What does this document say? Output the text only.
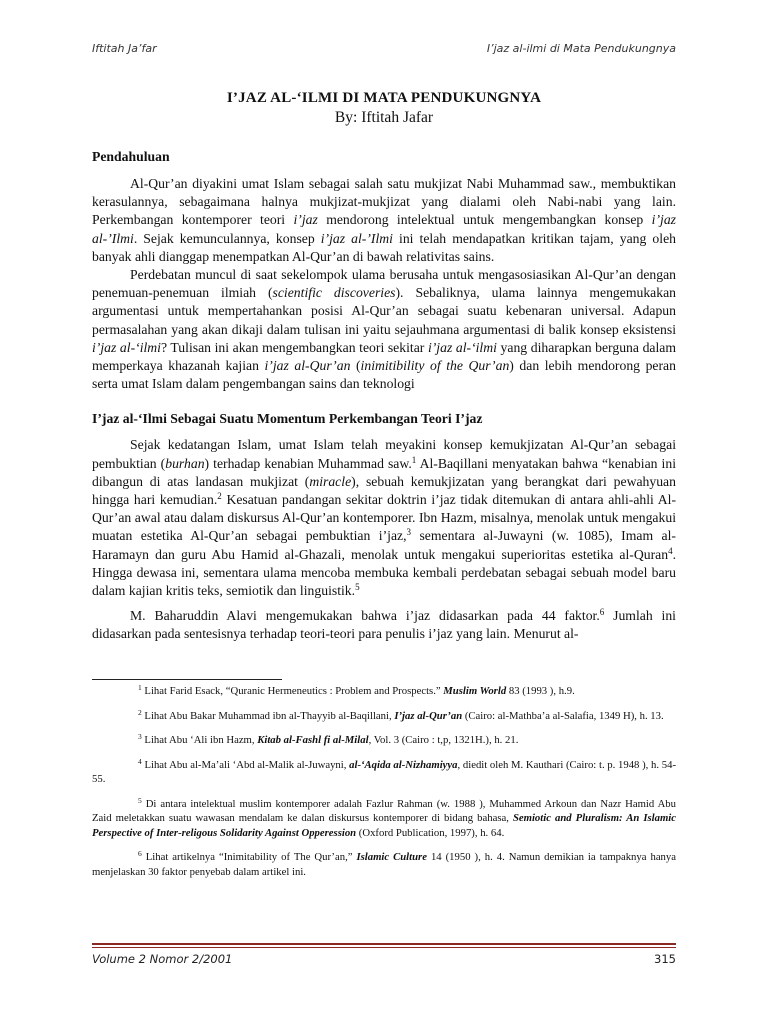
Iftitah Ja’far	I’jaz al-ilmi di Mata Pendukungnya
I’JAZ AL-‘ILMI DI MATA PENDUKUNGNYA
By: Iftitah Jafar
Pendahuluan

Al-Qur’an diyakini umat Islam sebagai salah satu mukjizat Nabi Muhammad saw., membuktikan kerasulannya, sebagaimana halnya mukjizat-mukjizat yang dialami oleh Nabi-nabi yang lain. Perkembangan kontemporer teori i’jaz mendorong intelektual untuk mengembangkan konsep i’jaz al-’Ilmi. Sejak kemunculannya, konsep i’jaz al-’Ilmi ini telah mendapatkan kritikan tajam, yang oleh banyak ahli dianggap menempatkan Al-Qur’an di bawah relativitas sains.

Perdebatan muncul di saat sekelompok ulama berusaha untuk mengasosiasikan Al-Qur’an dengan penemuan-penemuan ilmiah (scientific discoveries). Sebaliknya, ulama lainnya mengemukakan argumentasi untuk mempertahankan posisi Al-Qur’an sebagai suatu kebenaran universal. Adapun permasalahan yang akan dikaji dalam tulisan ini yaitu sejauhmana argumentasi di balik konsep eksistensi i’jaz al-‘ilmi? Tulisan ini akan mengembangkan teori sekitar i’jaz al-‘ilmi yang diharapkan berguna dalam memperkaya khazanah kajian i’jaz al-Qur’an (inimitibility of the Qur’an) dan lebih mendorong peran serta umat Islam dalam pengembangan sains dan teknologi

I’jaz al-‘Ilmi Sebagai Suatu Momentum Perkembangan Teori I’jaz

Sejak kedatangan Islam, umat Islam telah meyakini konsep kemukjizatan Al-Qur’an sebagai pembuktian (burhan) terhadap kenabian Muhammad saw.$^1$ Al-Baqillani menyatakan bahwa “kenabian ini dibangun di atas landasan mukjizat (miracle), sebuah kemukjizatan yang berangkat dari pewahyuan hingga hari kemudian.$^2$ Kesatuan pandangan sekitar doktrin i’jaz tidak ditemukan di antara ahli-ahli Al-Qur’an awal atau dalam diskursus Al-Qur’an kontemporer. Ibn Hazm, misalnya, menolak untuk mengakui muatan estetika Al-Qur’an sebagai pembuktian i’jaz,$^3$ sementara al-Juwayni (w. 1085), Imam al-Haramayn dan guru Abu Hamid al-Ghazali, menolak untuk mengakui superioritas estetika al-Quran$^4$. Hingga dewasa ini, sementara ulama mencoba membuka kembali perdebatan sebagai sebuah model baru dalam kajian kritis teks, semiotik dan linguistik.$^5$

M. Baharuddin Alavi mengemukakan bahwa i’jaz didasarkan pada 44 faktor.$^6$ Jumlah ini didasarkan pada sentesisnya terhadap teori-teori para penulis i’jaz yang lain. Menurut al-

$^1$ Lihat Farid Esack, “Quranic Hermeneutics : Problem and Prospects.” Muslim World 83 (1993 ), h.9.

$^2$ Lihat Abu Bakar Muhammad ibn al-Thayyib al-Baqillani, I’jaz al-Qur’an (Cairo: al-Mathba’a al-Salafia, 1349 H), h. 13.

$^3$ Lihat Abu ‘Ali ibn Hazm, Kitab al-Fashl fi al-Milal, Vol. 3 (Cairo : t,p, 1321H.), h. 21.

$^4$ Lihat Abu al-Ma’ali ‘Abd al-Malik al-Juwayni, al-‘Aqida al-Nizhamiyya, diedit oleh M. Kauthari (Cairo: t. p. 1948 ), h. 54-55.

$^5$ Di antara intelektual muslim kontemporer adalah Fazlur Rahman (w. 1988 ), Muhammed Arkoun dan Nazr Hamid Abu Zaid meletakkan suatu wawasan mendalam ke dalan diskursus kontemporer di bidang bahasa, Semiotic and Pluralism: An Islamic Perspective of Inter-religous Solidarity Against Opperession (Oxford Publication, 1997), h. 64.

$^6$ Lihat artikelnya “Inimitability of The Qur’an,” Islamic Culture 14 (1950 ), h. 4. Namun demikian ia tampaknya hanya menjelaskan 30 faktor penyebab dalam artikel ini.

Volume 2 Nomor 2/2001	315
